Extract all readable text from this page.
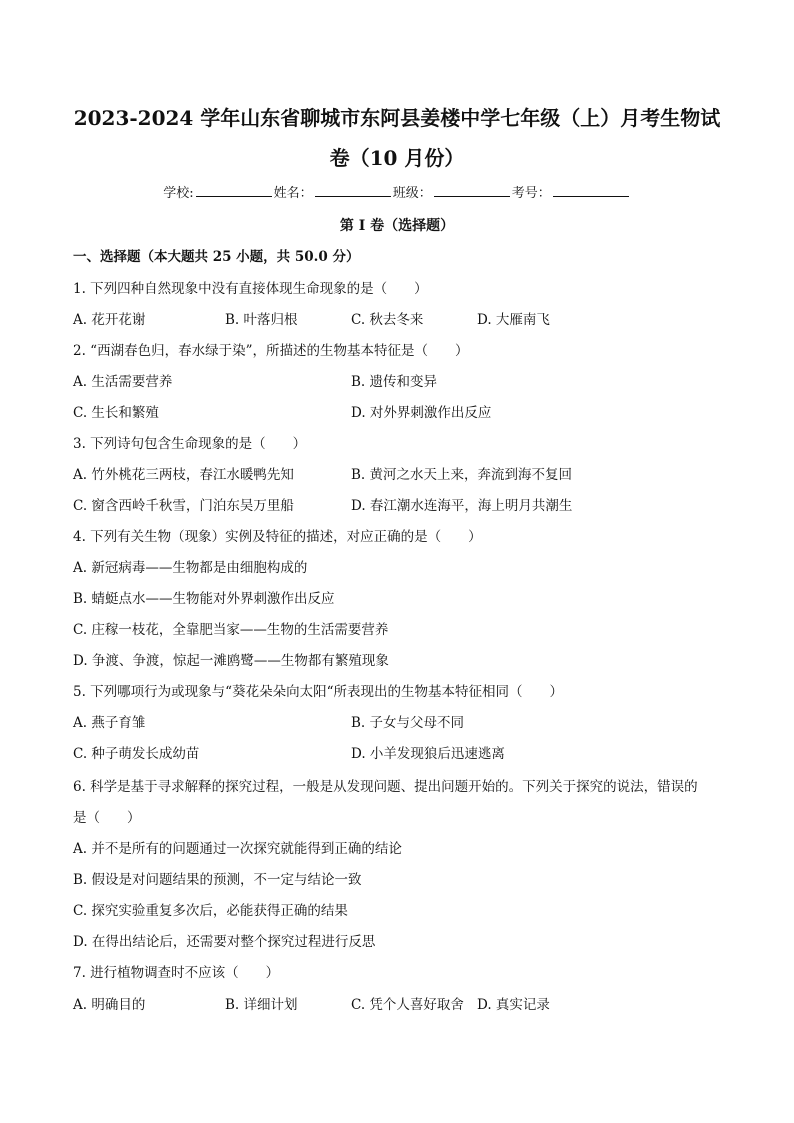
2023-2024 学年山东省聊城市东阿县姜楼中学七年级（上）月考生物试
卷（10 月份）
学校:	姓名：	班级：	考号：
第 I 卷（选择题）
一、选择题（本大题共 25 小题，共 50.0 分）
1. 下列四种自然现象中没有直接体现生命现象的是（　　）
A. 花开花谢	B. 叶落归根	C. 秋去冬来	D. 大雁南飞
2. “西湖春色归，春水绿于染”，所描述的生物基本特征是（　　）
A. 生活需要营养	B. 遗传和变异
C. 生长和繁殖	D. 对外界刺激作出反应
3. 下列诗句包含生命现象的是（　　）
A. 竹外桃花三两枝，春江水暖鸭先知	B. 黄河之水天上来，奔流到海不复回
C. 窗含西岭千秋雪，门泊东吴万里船	D. 春江潮水连海平，海上明月共潮生
4. 下列有关生物（现象）实例及特征的描述，对应正确的是（　　）
A. 新冠病毒——生物都是由细胞构成的
B. 蜻蜓点水——生物能对外界刺激作出反应
C. 庄稼一枝花，全靠肥当家——生物的生活需要营养
D. 争渡、争渡，惊起一滩鸥鹭——生物都有繁殖现象
5. 下列哪项行为或现象与“葵花朵朵向太阳“所表现出的生物基本特征相同（　　）
A. 燕子育雏	B. 子女与父母不同
C. 种子萌发长成幼苗	D. 小羊发现狼后迅速逃离
6. 科学是基于寻求解释的探究过程，一般是从发现问题、提出问题开始的。下列关于探究的说法，错误的
是（　　）
A. 并不是所有的问题通过一次探究就能得到正确的结论
B. 假设是对问题结果的预测，不一定与结论一致
C. 探究实验重复多次后，必能获得正确的结果
D. 在得出结论后，还需要对整个探究过程进行反思
7. 进行植物调查时不应该（　　）
A. 明确目的	B. 详细计划	C. 凭个人喜好取舍 D. 真实记录
